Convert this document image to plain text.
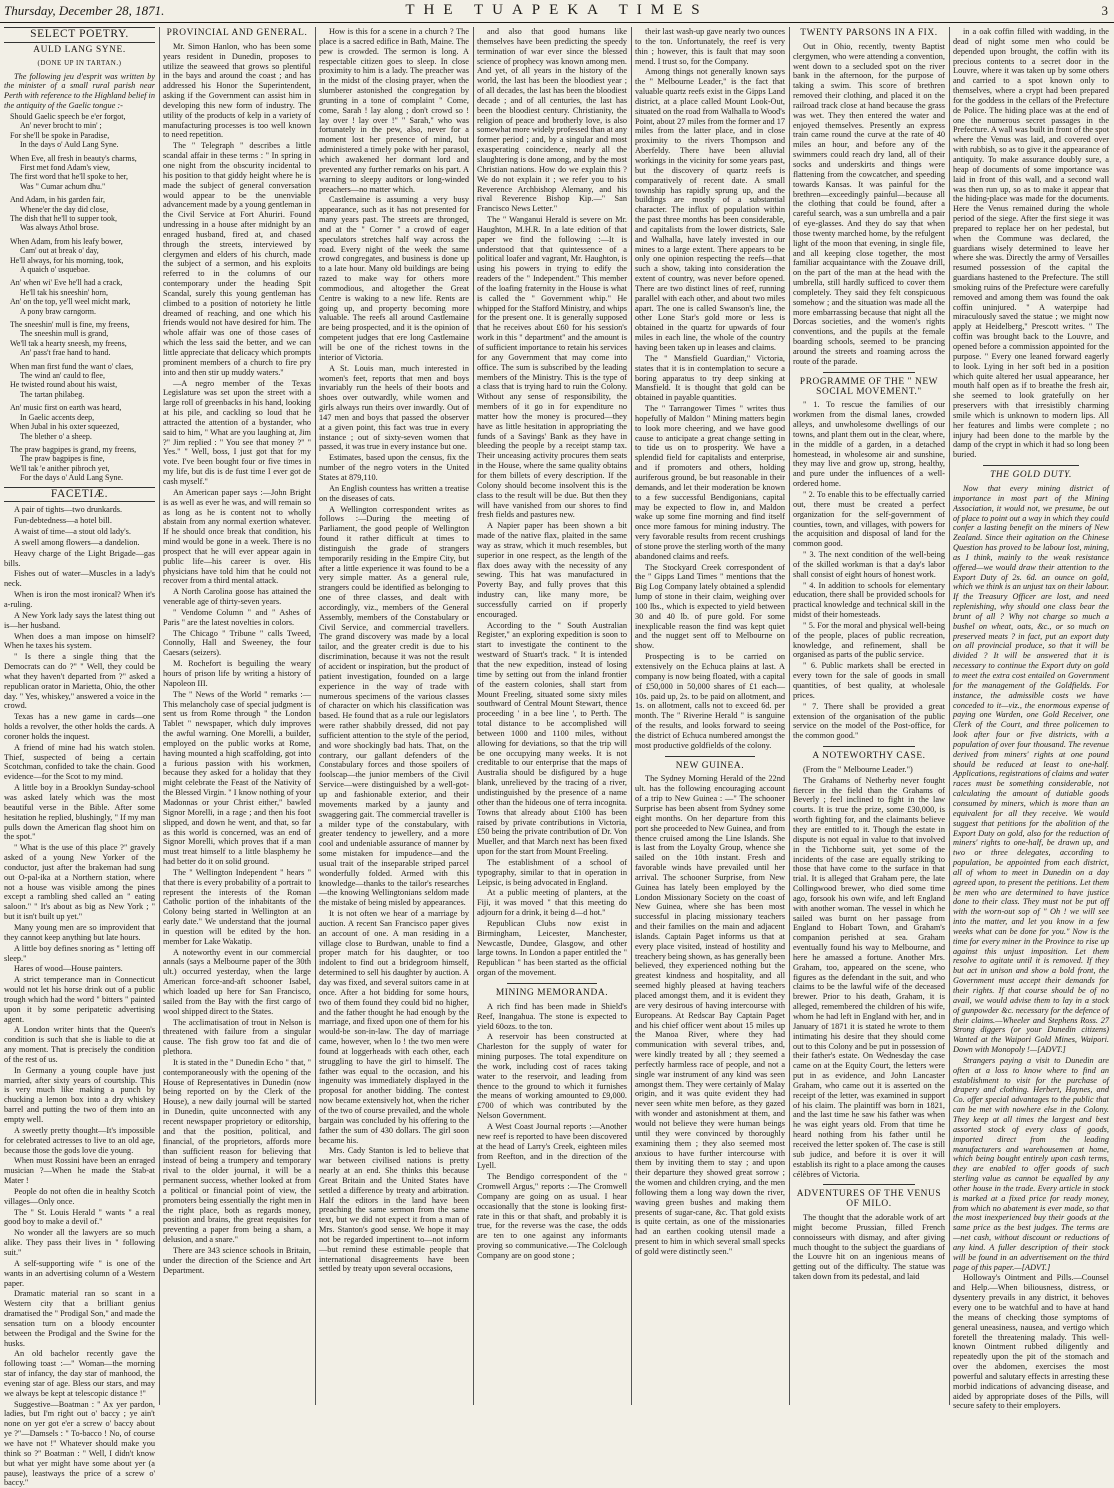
Thursday, December 28, 1871.	THE TUAPEKA TIMES	3
SELECT POETRY.
AULD LANG SYNE.
(DONE UP IN TARTAN.)

The following jeu d'esprit was written by the minister of a small rural parish near Perth with reference to the Highland belief in the antiquity of the Gaelic tongue :-

Should Gaelic speech be e'er forgot,
An' never brocht to min' ;
For she'll be spoke in Paradise,
In the days o' Auld Lang Syne.
When Eve, all fresh in beauty's charms,
First met fond Adam's view,
The first word that he'll spoke to her,
Was " Cumar achum dhu."
And Adam, in his garden fair,
Whene'er the day did close,
The dish that he'll to supper took,
Was always Athol brose.
When Adam, from his leafy bower,
Cam' out at break o' day,
He'll always, for his morning, took,
A quaich o' usquebae.
An' when wi' Eve he'll had a crack,
He'll tak his sneeshin' horn,
An' on the top, ye'll weel micht mark,
A pony braw carngorm.
The sneeshin' mull is fine, my freens,
The sneeshin mull is grand,
We'll tak a hearty sneesh, my freens,
An' pass't frae hand to hand.
When man first fund the want o' claes,
The wind an' cauld to flee,
He twisted round about his waist,
The tartan philabeg.
An' music first on earth was heard,
In Gaelic accents deep,
When Jubal in his oxter squeezed,
The blether o' a sheep.
The praw bagpipes is grand, my freens,
The praw bagpipes is fine,
We'll tak 'e anither pibroch yet,
For the days o' Auld Lang Syne.
FACETIÆ.

A pair of tights—two drunkards.

Fun-debtedness—a hotel bill.

A waist of time—a stout old lady's.

A swell among flowers—a dandelion.

Heavy charge of the Light Brigade—gas bills.

Fishes out of water—Muscles in a lady's neck.

When is iron the most ironical? When it's a-ruling.

A New York lady says the latest thing out is—her husband.

When does a man impose on himself? When he taxes his system.

" Is there a single thing that the Democrats can do ?" " Well, they could be what they haven't departed from ?" asked a republican orator in Marietta, Ohio, the other day. " Yes, whiskey," answered a voice in the crowd.

Texas has a new game in cards—one holds a revolver, the other holds the cards. A coroner holds the inquest.

A friend of mine had his watch stolen. Thief, suspected of being a certain Scotchman, confided to take the chain. Good evidence—for the Scot to my mind.

A little boy in a Brooklyn Sunday-school was asked lately which was the most beautiful verse in the Bible. After some hesitation he replied, blushingly, " If my man pulls down the American flag shoot him on the spot."

" What is the use of this place ?" gravely asked of a young New Yorker of the conductor, just after the brakeman had sung out O-pal-ika at a Northern station, where not a house was visible among the pines except a rambling shed called an " eating saloon." " It's about as big as New York ; " but it isn't built up yet."

Many young men are so improvident that they cannot keep anything but late hours.

A little boy defines snoring as " letting off sleep."

Hares of wood—House painters.

A strict temperance man in Connecticut would not let his horse drink out of a public trough which had the word " bitters " painted upon it by some peripatetic advertising agent.

A London writer hints that the Queen's condition is such that she is liable to die at any moment. That is precisely the condition of the rest of us.

In Germany a young couple have just married, after sixty years of courtship. This is very much like making a punch by chucking a lemon box into a dry whiskey barrel and putting the two of them into an empty well.

A sweetly pretty thought—It's impossible for celebrated actresses to live to an old age, because those the gods love die young.

When must Rossini have been an enraged musician ?—When he made the Stab-at Mater !

People do not often die in healthy Scotch villages—Only once.

The " St. Louis Herald " wants " a real good boy to make a devil of."

No wonder all the lawyers are so much alike. They pass their lives in " following suit."

A self-supporting wife " is one of the wants in an advertising column of a Western paper.

Dramatic material ran so scant in a Western city that a brilliant genius dramatised the " Prodigal Son," and made the sensation turn on a bloody encounter between the Prodigal and the Swine for the husks.

An old bachelor recently gave the following toast :—" Woman—the morning star of infancy, the day star of manhood, the evening star of age. Bless our stars, and may we always be kept at telescopic distance !"

Suggestive—Boatman : " Ax yer pardon, ladies, but I'm right out o' baccy ; ye ain't none on yer got e'er a screw o' baccy about ye ?"—Damsels : " To-bacco ! No, of course we have not !" Whatever should make you think so ?" Boatman : " Well, I didn't know but what yer might have some about yer (a pause), leastways the price of a screw o' baccy."

PROVINCIAL AND GENERAL.

Mr. Simon Hanlon, who has been some years resident in Dunedin, proposes to utilize the seaweed that grows so plentiful in the bays and around the coast ; and has addressed his Honor the Superintendent, asking if the Government can assist him in developing this new form of industry. The utility of the products of kelp in a variety of manufacturing processes is too well known to need repetition.

The " Telegraph " describes a little scandal affair in these terms : " In spring in one night from the obscurity incidental to his position to that giddy height where he is made the subject of general conversation would appear to be the unenviable advancement made by a young gentleman in the Civil Service at Fort Ahuriri. Found undressing in a house after midnight by an enraged husband, fired at, and chased through the streets, interviewed by clergymen and elders of his church, made the subject of a sermon, and his exploits referred to in the columns of our contemporary under the heading Spit Scandal, surely this young gentleman has climbed to a position of notoriety he little dreamed of reaching, and one which his friends would not have desired for him. The whole affair was one of those cases of which the less said the better, and we can little appreciate that delicacy which prompts prominent members of a church to fire pry into and then stir up muddy waters."

—A negro member of the Texas Legislature was set upon the street with a large roll of greenbacks in his hand, looking at his pile, and cackling so loud that he attracted the attention of a bystander, who said to him, " What are you laughing at, Jim ?" Jim replied : " You see that money ?" " Yes." " Well, boss, I just got that for my vote. I've been bought four or five times in my life, but dis is de fust time I ever got de cash myself."

An American paper says :—John Bright is as well as ever he was, and will remain so as long as he is content not to wholly abstain from any normal exertion whatever. If he should once break that condition, his mind would be gone in a week. There is no prospect that he will ever appear again in public life—his career is over. His physicians have told him that he could not recover from a third mental attack.

A North Carolina goose has attained the venerable age of thirty-seven years.

" Vendome Column " and " Ashes of Paris " are the latest novelties in colors.

The Chicago " Tribune " calls Tweed, Connolly, Hall and Sweeney, the four Caesars (seizers).

M. Rochefort is beguiling the weary hours of prison life by writing a history of Napoleon III.

The " News of the World " remarks :—This melancholy case of special judgment is sent us from Rome through " the London Tablet " newspaper, which duly improves the awful warning. One Morelli, a builder, employed on the public works at Rome, having mounted a high scaffolding, got into a furious passion with his workmen, because they asked for a holiday that they might celebrate the Feast of the Nativity of the Blessed Virgin. " I know nothing of your Madonnas or your Christ either," bawled Signor Morelli, in a rage ; and then his foot slipped, and down he went, and that, so far as this world is concerned, was an end of Signor Morelli, which proves that if a man must treat himself to a little blasphemy he had better do it on solid ground.

The " Wellington Independent " hears " that there is every probability of a portrait to represent the interests of the Roman Catholic portion of the inhabitants of the Colony being started in Wellington at an early date." We understand that the journal in question will be edited by the hon. member for Lake Wakatip.

A noteworthy event in our commercial annals (says a Melbourne paper of the 30th ult.) occurred yesterday, when the large American force-and-aft schooner Isabel, which loaded up here for San Francisco, sailed from the Bay with the first cargo of wool shipped direct to the States.

The acclimatisation of trout in Nelson is threatened with failure from a singular cause. The fish grow too fat and die of plethora.

It is stated in the " Dunedin Echo " that, " contemporaneously with the opening of the House of Representatives in Dunedin (now being reported on by the Clerk of the House), a new daily journal will be started in Dunedin, quite unconnected with any recent newspaper proprietory or editorship, and that the position, political, and financial, of the proprietors, affords more than sufficient reason for believing that instead of being a trumpery and temporary rival to the older journal, it will be a permanent success, whether looked at from a political or financial point of view, the promoters being essentially the right men in the right place, both as regards money, position and brains, the great requisites for preventing a paper from being a sham, a delusion, and a snare."

There are 343 science schools in Britain, under the direction of the Science and Art Department.

How is this for a scene in a church ? The place is a sacred edifice in Bath, Maine. The pew is crowded. The sermon is long. A respectable citizen goes to sleep. In close proximity to him is a lady. The preacher was in the midst of the closing prayer, when the slumberer astonished the congregation by grunting in a tone of complaint " Come, come, Sarah ! lay along ; don't crowd so ! lay over ! lay over !" " Sarah," who was fortunately in the pew, also, never for a moment lost her presence of mind, but administered a timely poke with her parasol, which awakened her dormant lord and prevented any further remarks on his part. A warning to sleepy auditors or long-winded preachers—no matter which.

Castlemaine is assuming a very busy appearance, such as it has not presented for many years past. The streets are thronged, and at the " Corner " a crowd of eager speculators stretches half way across the road. Every night of the week the same crowd congregates, and business is done up to a late hour. Many old buildings are being razed to make way for others more commodious, and altogether the Great Centre is waking to a new life. Rents are going up, and property becoming more valuable. The reefs all around Castlemaine are being prospected, and it is the opinion of competent judges that ere long Castlemaine will be one of the richest towns in the interior of Victoria.

A St. Louis man, much interested in women's feet, reports that men and boys invariably run the heels of their boots and shoes over outwardly, while women and girls always run theirs over inwardly. Out of 147 men and boys that passed the observer at a given point, this fact was true in every instance ; out of sixty-seven women that passed, it was true in every instance but one.

Estimates, based upon the census, fix the number of the negro voters in the United States at 879,110.

An English countess has written a treatise on the diseases of cats.

A Wellington correspondent writes as follows :—During the meeting of Parliament, the good people of Wellington found it rather difficult at times to distinguish the grade of strangers temporarily residing in the Empire City, but after a little experience it was found to be a very simple matter. As a general rule, strangers could be identified as belonging to one of three classes, and dealt with accordingly, viz., members of the General Assembly, members of the Constabulary or Civil Service, and commercial travellers. The grand discovery was made by a local tailor, and the greater credit is due to his discrimination, because it was not the result of accident or inspiration, but the product of patient investigation, founded on a large experience in the way of trade with numerous specimens of the various classes of character on which his classification was based. He found that as a rule our legislators were rather shabbily dressed, did not pay sufficient attention to the style of the period, and wore shockingly bad hats. That, on the contrary, our gallant defenders of the Constabulary forces and those spoilers of foolscap—the junior members of the Civil Service—were distinguished by a well-got-up and fashionable exterior, and their movements marked by a jaunty and swaggering gait. The commercial traveller is a milder type of the constabulary, with greater tendency to jewellery, and a more cool and undeniable assurance of manner by some mistaken for impudence—and the usual trait of the inseparable striped parcel wonderfully folded. Armed with this knowledge—thanks to the tailor's researches—the knowing Wellingtonians seldom made the mistake of being misled by appearances.

It is not often we hear of a marriage by auction. A recent San Francisco paper gives an account of one. A man residing in a village close to Burdwan, unable to find a proper match for his daughter, or too indolent to find out a bridegroom himself, determined to sell his daughter by auction. A day was fixed, and several suitors came in at once. After a hot bidding for some hours, two of them found they could bid no higher, and the father thought he had enough by the marriage, and fixed upon one of them for his would-be son-in-law. The day of marriage came, however, when lo ! the two men were found at loggerheads with each other, each struggling to have the girl to himself. The father was equal to the occasion, and his ingenuity was immediately displayed in the proposal for another bidding. The contest now became extensively hot, when the richer of the two of course prevailed, and the whole bargain was concluded by his offering to the father the sum of 430 dollars. The girl soon became his.

Mrs. Cady Stanton is led to believe that war between civilised nations is pretty nearly at an end. She thinks this because Great Britain and the United States have settled a difference by treaty and arbitration. Half the editors in the land have been preaching the same sermon from the same text, but we did not expect it from a man of Mrs. Stanton's good sense. We hope it may not be regarded impertinent to—not inform—but remind these estimable people that international disagreements have been settled by treaty upon several occasions,

and also that good humans like themselves have been predicting the speedy termination of war ever since the blessed science of prophecy was known among men. And yet, of all years in the history of the world, the last has been the bloodiest year ; of all decades, the last has been the bloodiest decade ; and of all centuries, the last has been the bloodiest century. Christianity, the religion of peace and brotherly love, is also somewhat more widely professed than at any former period ; and, by a singular and most exasperating coincidence, nearly all the slaughtering is done among, and by the most Christian nations. How do we explain this ? We do not explain it ; we refer you to his Reverence Archbishop Alemany, and his rival Reverence Bishop Kip.—" San Francisco News Letter."

The " Wanganui Herald is severe on Mr. Haughton, M.H.R. In a late edition of that paper we find the following :—It is understood that that quintessence of a political loafer and vagrant, Mr. Haughton, is using his powers in trying to edify the readers of the " Independent." This member of the loafing fraternity in the House is what is called the " Government whip." He whipped for the Stafford Ministry, and whips for the present one. It is generally supposed that he receives about £60 for his session's work in this " department" and the amount is of sufficient importance to retain his services for any Government that may come into office. The sum is subscribed by the leading members of the Ministry. This is the type of a class that is trying hard to ruin the Colony. Without any sense of responsibility, the members of it go in for expenditure no matter how the money is procured—they have as little hesitation in appropriating the funds of a Savings' Bank as they have in bleeding the people by a receipt stamp tax. Their unceasing activity procures them seats in the House, where the same quality obtains for them billets of every description. If the Colony should become insolvent this is the class to the result will be due. But then they will have vanished from our shores to find fresh fields and pastures new.

A Napier paper has been shown a bit made of the native flax, plaited in the same way as straw, which it much resembles, but superior in one respect, as the length of the flax does away with the necessity of any sewing. This hat was manufactured in Poverty Bay, and fully proves that this industry can, like many more, be successfully carried on if properly encouraged.

According to the " South Australian Register," an exploring expedition is soon to start to investigate the continent to the westward of Stuart's track. " It is intended that the new expedition, instead of losing time by setting out from the inland frontier of the eastern colonies, shall start from Mount Freeling, situated some sixty miles southward of Central Mount Stewart, thence proceeding ' in a bee line ', to Perth. The total distance to be accomplished will between 1000 and 1100 miles, without allowing for deviations, so that the trip will be one occupying many weeks. It is not creditable to our enterprise that the maps of Australia should be disfigured by a huge blank, unrelieved by the tracing of a river, undistinguished by the presence of a name other than the hideous one of terra incognita. Towns that already about £100 has been raised by private contributions in Victoria, £50 being the private contribution of Dr. Von Mueller, and that March next has been fixed upon for the start from Mount Freeling.

The establishment of a school of typography, similar to that in operation in Leipsic, is being advocated in England.

At a public meeting of planters, at the Fiji, it was moved " that this meeting do adjourn for a drink, it being d—d hot."

Republican Clubs now exist in Birmingham, Leicester, Manchester, Newcastle, Dundee, Glasgow, and other large towns. In London a paper entitled the " Republican " has been started as the official organ of the movement.

MINING MEMORANDA.

A rich find has been made in Shield's Reef, Inangahua. The stone is expected to yield 60ozs. to the ton.

A reservoir has been constructed at Charleston for the supply of water for mining purposes. The total expenditure on the work, including cost of races taking water to the reservoir, and leading from thence to the ground to which it furnishes the means of working amounted to £9,000. £700 of which was contributed by the Nelson Government.

A West Coast Journal reports :—Another new reef is reported to have been discovered at the head of Larry's Creek, eighteen miles from Reefton, and in the direction of the Lyell.

The Bendigo correspondent of the " Cromwell Argus," reports :—The Cromwell Company are going on as usual. I hear occasionally that the stone is looking first-rate in this or that shaft, and probably it is true, for the reverse was the case, the odds are ten to one against any informants proving so communicative.—The Colclough Company are on good stone ;

their last wash-up gave nearly two ounces to the ton. Unfortunately, the reef is very thin ; however, this is fault that may soon mend. I trust so, for the Company.

Among things not generally known says the " Melbourne Leader," is the fact that valuable quartz reefs exist in the Gipps Land district, at a place called Mount Look-Out, situated on the road from Walhalla to Wood's Point, about 27 miles from the former and 17 miles from the latter place, and in close proximity to the rivers Thompson and Aberfeldy. There have been alluvial workings in the vicinity for some years past, but the discovery of quartz reefs is comparatively of recent date. A small township has rapidly sprung up, and the buildings are mostly of a substantial character. The influx of population within the past three months has been considerable, and capitalists from the lower districts, Sale and Walhalla, have lately invested in our mines to a large extent. There appears to be only one opinion respecting the reefs—that such a show, taking into consideration the extent of country, was never before opened. There are two distinct lines of reef, running parallel with each other, and about two miles apart. The one is called Swanson's line, the other Lone Star's gold more or less is obtained in the quartz for upwards of four miles in each line, the whole of the country having been taken up in leases and claims.

The " Mansfield Guardian," Victoria, states that it is in contemplation to secure a boring apparatus to try deep sinking at Mansfield. It is thought that gold can be obtained in payable quantities.

The " Tarrangower Times " writes thus hopefully of Maldon " Mining matters begin to look more cheering, and we have good cause to anticipate a great change setting in to tide us on to prosperity. We have a splendid field for capitalists and enterprise, and if promoters and others, holding auriferous ground, be but reasonable in their demands, and let their moderation be known to a few successful Bendigonians, capital may be expected to flow in, and Maldon wake up some fine morning and find itself once more famous for mining industry. The very favorable results from recent crushings of stone prove the sterling worth of the many abandoned claims and reefs.

The Stockyard Creek correspondent of the " Gipps Land Times " mentions that the Big Log Company lately obtained a splendid lump of stone in their claim, weighing over 100 lbs., which is expected to yield between 30 and 40 lb. of pure gold. For some inexplicable reason the find was kept quiet and the nugget sent off to Melbourne on show.

Prospecting is to be carried on extensively on the Echuca plains at last. A company is now being floated, with a capital of £50,000 in 50,000 shares of £1 each—10s. paid up, 2s. to be paid on allotment, and 1s. on allotment, calls not to exceed 6d. per month. The " Riverine Herald " is sanguine of the results, and looks forward to seeing the district of Echuca numbered amongst the most productive goldfields of the colony.

NEW GUINEA.

The Sydney Morning Herald of the 22nd ult. has the following encouraging account of a trip to New Guinea : —" The schooner Surprise has been absent from Sydney some eight months. On her departure from this port she proceeded to New Guinea, and from thence cruised among the Line Islands. She is last from the Loyalty Group, whence she sailed on the 10th instant. Fresh and favorable winds have prevailed until her arrival. The schooner Surprise, from New Guinea has lately been employed by the London Missionary Society on the coast of New Guinea, where she has been most successful in placing missionary teachers and their families on the main and adjacent islands. Captain Paget informs us that at every place visited, instead of hostility and treachery being shown, as has generally been believed, they experienced nothing but the greatest kindness and hospitality, and all seemed highly pleased at having teachers placed amongst them, and it is evident they are very desirous of having intercourse with Europeans. At Redscar Bay Captain Paget and his chief officer went about 15 miles up the Manoa River, where they had communication with several tribes, and, were kindly treated by all ; they seemed a perfectly harmless race of people, and not a single war instrument of any kind was seen amongst them. They were certainly of Malay origin, and it was quite evident they had never seen white men before, as they gazed with wonder and astonishment at them, and would not believe they were human beings until they were convinced by thoroughly examining them ; they also seemed most anxious to have further intercourse with them by inviting them to stay ; and upon their departure they showed great sorrow ; the women and children crying, and the men following them a long way down the river, waving green bushes and making them presents of sugar-cane, &c. That gold exists is quite certain, as one of the missionaries had an earthen cooking utensil made a present to him in which several small specks of gold were distinctly seen."

TWENTY PARSONS IN A FIX.

Out in Ohio, recently, twenty Baptist clergymen, who were attending a convention, went down to a secluded spot on the river bank in the afternoon, for the purpose of taking a swim. This score of brethren removed their clothing, and placed it on the railroad track close at hand because the grass was wet. They then entered the water and enjoyed themselves. Presently an express train came round the curve at the rate of 40 miles an hour, and before any of the swimmers could reach dry land, all of their socks and underskirts and things were flattening from the cowcatcher, and speeding towards Kansas. It was painful for the brethren—exceedingly painful—because all the clothing that could be found, after a careful search, was a sun umbrella and a pair of eye-glasses. And they do say that when those twenty marched home, by the refulgent light of the moon that evening, in single file, and all keeping close together, the most familiar acquaintance with the Zouave drill, on the part of the man at the head with the umbrella, still hardly sufficed to cover them completely. They said they felt conspicuous somehow ; and the situation was made all the more embarrassing because that night all the Dorcas societies, and the women's rights conventions, and the pupils at the female boarding schools, seemed to be prancing around the streets and roaming across the route of the parade.

PROGRAMME OF THE " NEW SOCIAL MOVEMENT."

" 1. To rescue the families of our workmen from the dismal lanes, crowded alleys, and unwholesome dwellings of our towns, and plant them out in the clear, where, in the middle of a garden, in a detached homestead, in wholesome air and sunshine, they may live and grow up, strong, healthy, and pure under the influences of a well-ordered home.

" 2. To enable this to be effectually carried out, there must be created a perfect organization for the self-government of counties, town, and villages, with powers for the acquisition and disposal of land for the common good.

" 3. The next condition of the well-being of the skilled workman is that a day's labor shall consist of eight hours of honest work.

" 4. In addition to schools for elementary education, there shall be provided schools for practical knowledge and technical skill in the midst of their homesteads.

" 5. For the moral and physical well-being of the people, places of public recreation, knowledge, and refinement, shall be organised as parts of the public service.

" 6. Public markets shall be erected in every town for the sale of goods in small quantities, of best quality, at wholesale prices.

" 7. There shall be provided a great extension of the organisation of the public service on the model of the Post-office, for the common good."

A NOTEWORTHY CASE.

(From the " Melbourne Leader.")

The Grahams of Netherby never fought fiercer in the field than the Grahams of Beverly ; feel inclined to fight in the law courts. It is true the prize, some £30,000, is worth fighting for, and the claimants believe they are entitled to it. Though the estate in dispute is not equal in value to that involved in the Tichborne suit, yet some of the incidents of the case are equally striking to those that have come to the surface in that trial. It is alleged that Graham pere, the late Collingwood brewer, who died some time ago, forsook his own wife, and left England with another woman. The vessel in which he sailed was burnt on her passage from England to Hobart Town, and Graham's companion perished at sea. Graham eventually found his way to Melbourne, and here he amassed a fortune. Another Mrs. Graham, too, appeared on the scene, who figures as the defendant in the suit, and who claims to be the lawful wife of the deceased brewer. Prior to his death, Graham, it is alleged, remembered the children of his wife, whom he had left in England with her, and in January of 1871 it is stated he wrote to them intimating his desire that they should come out to this Colony and be put in possession of their father's estate. On Wednesday the case came on at the Equity Court, the letters were put in as evidence, and John Lancaster Graham, who came out it is asserted on the receipt of the letter, was examined in support of his claim. The plaintiff was born in 1821, and the last time he saw his father was when he was eight years old. From that time he heard nothing from his father until he received the letter spoken of. The case is still sub judice, and before it is over it will establish its right to a place among the causes célèbres of Victoria.

ADVENTURES OF THE VENUS OF MILO.

The thought that the adorable work of art might become Prussian, filled French connoisseurs with dismay, and after giving much thought to the subject the guardians of the Louvre hit on an ingenious means of getting out of the difficulty. The statue was taken down from its pedestal, and laid

in a oak coffin filled with wadding, in the dead of night some men who could be depended upon brought, the coffin with its precious contents to a secret door in the Louvre, where it was taken up by some others and carried to a spot known only to themselves, where a crypt had been prepared for the goddess in the cellars of the Prefecture de Police. The hiding place was at the end of one the numerous secret passages in the Prefecture. A wall was built in front of the spot where the Venus was laid, and covered over with rubbish, so as to give it the appearance of antiquity. To make assurance doubly sure, a heap of documents of some importance was laid in front of this wall, and a second wall was then run up, so as to make it appear that the hiding-place was made for the documents. Here the Venus remained during the whole period of the siege. After the first siege it was prepared to replace her on her pedestal, but when the Commune was declared, the guardians wisely determined to leave her where she was. Directly the army of Versailles resumed possession of the capital the guardians hastened to the Prefecture. The still smoking ruins of the Prefecture were carefully removed and among them was found the oak coffin uninjured. " A waterpipe had miraculously saved the statue ; we might now apply at Heidelberg," Prescott writes. " The coffin was brought back to the Louvre, and opened before a commission appointed for the purpose. " Every one leaned forward eagerly to look. Lying in her soft bed in a position which quite altered her usual appearance, her mouth half open as if to breathe the fresh air, she seemed to look gratefully on her preservers with that irresistibly charming smile which is unknown to modern lips. All her features and limbs were complete ; no injury had been done to the marble by the damp of the crypt in which it had so long been buried.

THE GOLD DUTY.

Now that every mining district of importance in most part of the Mining Association, it would not, we presume, be out of place to point out a way in which they could confer a lasting benefit on the miners of New Zealand. Since their agitation on the Chinese Question has proved to be labour lost, mining, as I think, mainly to the weak resistance offered—we would draw their attention to the Export Duty of 2s. 6d. an ounce on gold, which we think is an unjust tax on their labour. If the Treasury Officer are lost, and need replenishing, why should one class bear the brunt of all ? Why not charge so much a bushel on wheat, oats, &c., or so much on preserved meats ? in fact, put an export duty on all provincial produce, so that it will be divided ? It will be answered that it is necessary to continue the Export duty on gold to meet the extra cost entailed on Government for the management of the Goldfields. For instance, the admissible costs we have conceded to it—viz., the enormous expense of paying one Warden, one Gold Receiver, one Clerk of the Court, and three policemen to look after four or five districts, with a population of over four thousand. The revenue derived from miners' rights at one pound should be reduced at least to one-half. Applications, registrations of claims and water races must be something considerable, not calculating the amount of dutiable goods consumed by miners, which is more than an equivalent for all they receive. We would suggest that petitions for the abolition of the Export Duty on gold, also for the reduction of miners' rights to one-half, be drawn up, and two or three delegates, according to population, be appointed from each district, all of whom to meet in Dunedin on a day agreed upon, to present the petitions. Let them be men who are determined to have justice done to their class. They must not be put off with the worn-out sop of " Oh ! we will see into the matter, and let you know in a few weeks what can be done for you." Now is the time for every miner in the Province to rise up against this unjust imposition. Let them resolve to agitate until it is removed. If they but act in unison and show a bold front, the Government must accept their demands for their rights. If that course should be of no avail, we would advise them to lay in a stock of gunpowder &c. necessary for the defence of their claims.—Wheeler and Stephens Ross. 27 Strong diggers (or your Dunedin citizens) Wanted at the Waipori Gold Mines, Waipori. Down with Monopoly !—[ADVT.]

Strangers paying a visit to Dunedin are often at a loss to know where to find an establishment to visit for the purchase of drapery and clothing. Herbert, Haynes, and Co. offer special advantages to the public that can be met with nowhere else in the Colony. They keep at all times the largest and best assorted stock of every class of goods, imported direct from the leading manufacturers and warehousemen at home, which being bought entirely upon cash terms, they are enabled to offer goods of such sterling value as cannot be equalled by any other house in the trade. Every article in stock is marked at a fixed price for ready money, from which no abatement is ever made, so that the most inexperienced buy their goods at the same price as the best judges. The terms are —net cash, without discount or reductions of any kind. A fuller description of their stock will be found in an advertisement on the third page of this paper.—[ADVT.]

Holloway's Ointment and Pills.—Counsel and Help.—When biliousness, distress, or dysentery prevails in any district, it behoves every one to be watchful and to have at hand the means of checking those symptoms of general uneasiness, nausea, and vertigo which foretell the threatening malady. This well-known Ointment rubbed diligently and repeatedly upon the pit of the stomach and over the abdomen, exercises the most powerful and salutary effects in arresting these morbid indications of advancing disease, and aided by appropriate doses of the Pills, will secure safety to their employers.
